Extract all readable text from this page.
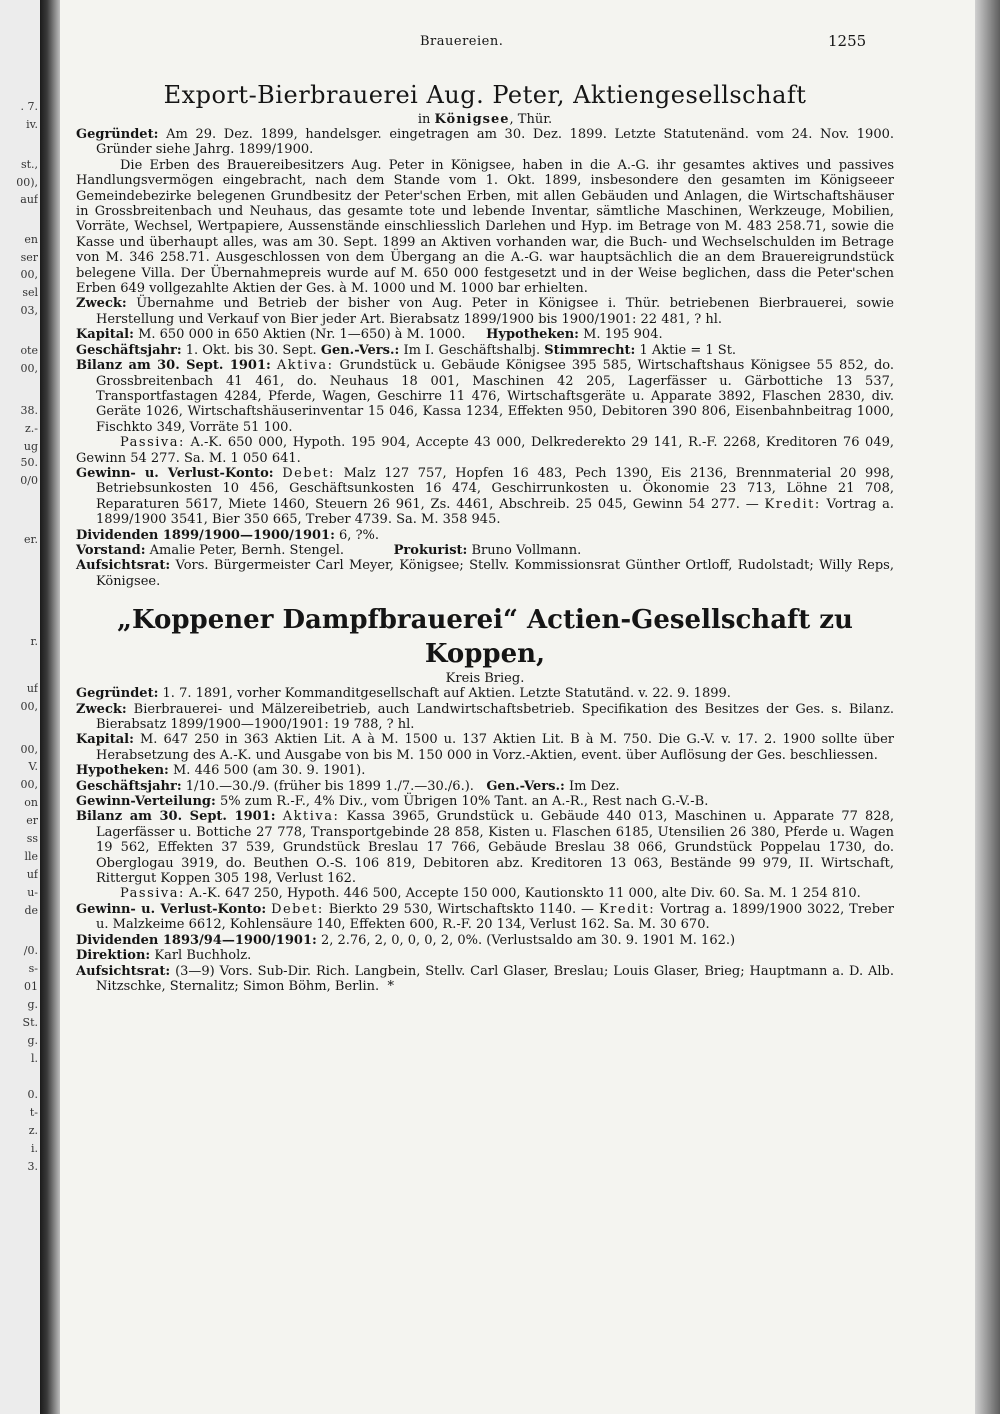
. 7.
iv.
st.,
00),
auf
en
ser
00,
sel
03,
ote
00,
38.
z.-
ug
50.
0/0
er.
r.
uf
00,
00,
V.
00,
on
er
ss
lle
uf
u-
de
/0.
s-
01
g.
St.
g.
l.
0.
t-
z.
i.
3.
Brauereien.	1255
Export-Bierbrauerei Aug. Peter, Aktiengesellschaft
in Königsee, Thür.

Gegründet: Am 29. Dez. 1899, handelsger. eingetragen am 30. Dez. 1899. Letzte Statutenänd. vom 24. Nov. 1900. Gründer siehe Jahrg. 1899/1900.

Die Erben des Brauereibesitzers Aug. Peter in Königsee, haben in die A.-G. ihr gesamtes aktives und passives Handlungsvermögen eingebracht, nach dem Stande vom 1. Okt. 1899, insbesondere den gesamten im Königseeer Gemeindebezirke belegenen Grundbesitz der Peter'schen Erben, mit allen Gebäuden und Anlagen, die Wirtschaftshäuser in Grossbreitenbach und Neuhaus, das gesamte tote und lebende Inventar, sämtliche Maschinen, Werkzeuge, Mobilien, Vorräte, Wechsel, Wertpapiere, Aussenstände einschliesslich Darlehen und Hyp. im Betrage von M. 483 258.71, sowie die Kasse und überhaupt alles, was am 30. Sept. 1899 an Aktiven vorhanden war, die Buch- und Wechselschulden im Betrage von M. 346 258.71. Ausgeschlossen von dem Übergang an die A.-G. war hauptsächlich die an dem Brauereigrundstück belegene Villa. Der Übernahmepreis wurde auf M. 650 000 festgesetzt und in der Weise beglichen, dass die Peter'schen Erben 649 vollgezahlte Aktien der Ges. à M. 1000 und M. 1000 bar erhielten.

Zweck: Übernahme und Betrieb der bisher von Aug. Peter in Königsee i. Thür. betriebenen Bierbrauerei, sowie Herstellung und Verkauf von Bier jeder Art. Bierabsatz 1899/1900 bis 1900/1901: 22 481, ? hl.

Kapital: M. 650 000 in 650 Aktien (Nr. 1—650) à M. 1000. Hypotheken: M. 195 904.

Geschäftsjahr: 1. Okt. bis 30. Sept. Gen.-Vers.: Im I. Geschäftshalbj. Stimmrecht: 1 Aktie = 1 St.

Bilanz am 30. Sept. 1901: Aktiva: Grundstück u. Gebäude Königsee 395 585, Wirtschaftshaus Königsee 55 852, do. Grossbreitenbach 41 461, do. Neuhaus 18 001, Maschinen 42 205, Lagerfässer u. Gärbottiche 13 537, Transportfastagen 4284, Pferde, Wagen, Geschirre 11 476, Wirtschaftsgeräte u. Apparate 3892, Flaschen 2830, div. Geräte 1026, Wirtschaftshäuserinventar 15 046, Kassa 1234, Effekten 950, Debitoren 390 806, Eisenbahnbeitrag 1000, Fischkto 349, Vorräte 51 100.

Passiva: A.-K. 650 000, Hypoth. 195 904, Accepte 43 000, Delkrederekto 29 141, R.-F. 2268, Kreditoren 76 049, Gewinn 54 277. Sa. M. 1 050 641.

Gewinn- u. Verlust-Konto: Debet: Malz 127 757, Hopfen 16 483, Pech 1390, Eis 2136, Brennmaterial 20 998, Betriebsunkosten 10 456, Geschäftsunkosten 16 474, Geschirrunkosten u. Ökonomie 23 713, Löhne 21 708, Reparaturen 5617, Miete 1460, Steuern 26 961, Zs. 4461, Abschreib. 25 045, Gewinn 54 277. — Kredit: Vortrag a. 1899/1900 3541, Bier 350 665, Treber 4739. Sa. M. 358 945.

Dividenden 1899/1900—1900/1901: 6, ?%.

Vorstand: Amalie Peter, Bernh. Stengel.	Prokurist: Bruno Vollmann.

Aufsichtsrat: Vors. Bürgermeister Carl Meyer, Königsee; Stellv. Kommissionsrat Günther Ortloff, Rudolstadt; Willy Reps, Königsee.

„Koppener Dampfbrauerei“ Actien-Gesellschaft zu Koppen,
Kreis Brieg.

Gegründet: 1. 7. 1891, vorher Kommanditgesellschaft auf Aktien. Letzte Statutänd. v. 22. 9. 1899.

Zweck: Bierbrauerei- und Mälzereibetrieb, auch Landwirtschaftsbetrieb. Specifikation des Besitzes der Ges. s. Bilanz. Bierabsatz 1899/1900—1900/1901: 19 788, ? hl.

Kapital: M. 647 250 in 363 Aktien Lit. A à M. 1500 u. 137 Aktien Lit. B à M. 750. Die G.-V. v. 17. 2. 1900 sollte über Herabsetzung des A.-K. und Ausgabe von bis M. 150 000 in Vorz.-Aktien, event. über Auflösung der Ges. beschliessen.

Hypotheken: M. 446 500 (am 30. 9. 1901).

Geschäftsjahr: 1/10.—30./9. (früher bis 1899 1./7.—30./6.). Gen.-Vers.: Im Dez.

Gewinn-Verteilung: 5% zum R.-F., 4% Div., vom Übrigen 10% Tant. an A.-R., Rest nach G.-V.-B.

Bilanz am 30. Sept. 1901: Aktiva: Kassa 3965, Grundstück u. Gebäude 440 013, Maschinen u. Apparate 77 828, Lagerfässer u. Bottiche 27 778, Transportgebinde 28 858, Kisten u. Flaschen 6185, Utensilien 26 380, Pferde u. Wagen 19 562, Effekten 37 539, Grundstück Breslau 17 766, Gebäude Breslau 38 066, Grundstück Poppelau 1730, do. Oberglogau 3919, do. Beuthen O.-S. 106 819, Debitoren abz. Kreditoren 13 063, Bestände 99 979, II. Wirtschaft, Rittergut Koppen 305 198, Verlust 162.

Passiva: A.-K. 647 250, Hypoth. 446 500, Accepte 150 000, Kautionskto 11 000, alte Div. 60. Sa. M. 1 254 810.

Gewinn- u. Verlust-Konto: Debet: Bierkto 29 530, Wirtschaftskto 1140. — Kredit: Vortrag a. 1899/1900 3022, Treber u. Malzkeime 6612, Kohlensäure 140, Effekten 600, R.-F. 20 134, Verlust 162. Sa. M. 30 670.

Dividenden 1893/94—1900/1901: 2, 2.76, 2, 0, 0, 0, 2, 0%. (Verlustsaldo am 30. 9. 1901 M. 162.)

Direktion: Karl Buchholz.

Aufsichtsrat: (3—9) Vors. Sub-Dir. Rich. Langbein, Stellv. Carl Glaser, Breslau; Louis Glaser, Brieg; Hauptmann a. D. Alb. Nitzschke, Sternalitz; Simon Böhm, Berlin. *
